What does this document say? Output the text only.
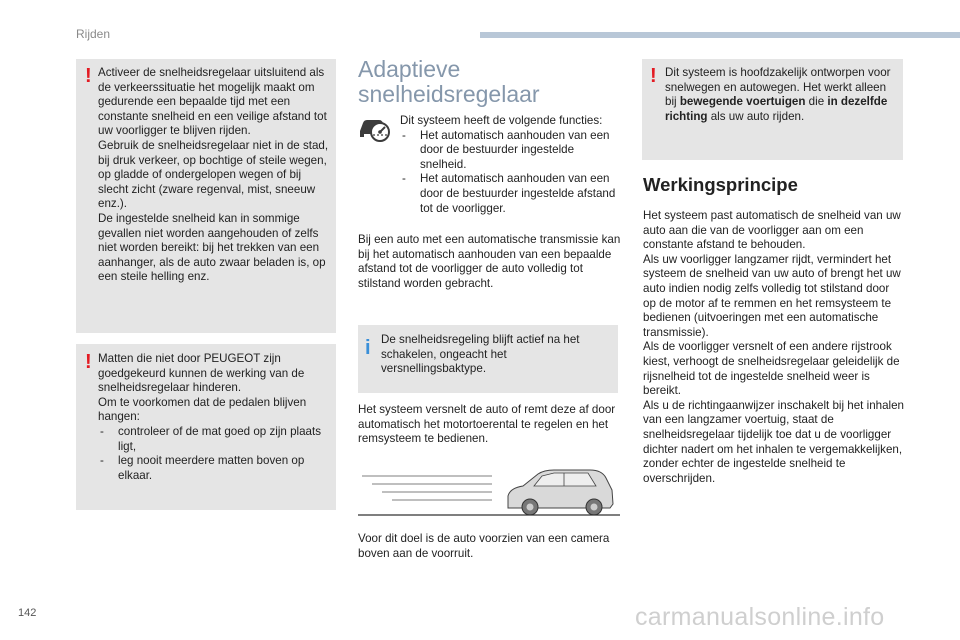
Rijden
! Activeer de snelheidsregelaar uitsluitend als de verkeerssituatie het mogelijk maakt om gedurende een bepaalde tijd met een constante snelheid en een veilige afstand tot uw voorligger te blijven rijden.

Gebruik de snelheidsregelaar niet in de stad, bij druk verkeer, op bochtige of steile wegen, op gladde of ondergelopen wegen of bij slecht zicht (zware regenval, mist, sneeuw enz.).

De ingestelde snelheid kan in sommige gevallen niet worden aangehouden of zelfs niet worden bereikt: bij het trekken van een aanhanger, als de auto zwaar beladen is, op een steile helling enz.

! Matten die niet door PEUGEOT zijn goedgekeurd kunnen de werking van de snelheidsregelaar hinderen.

Om te voorkomen dat de pedalen blijven hangen:

- controleer of de mat goed op zijn plaats ligt,
- leg nooit meerdere matten boven op elkaar.
Adaptieve snelheidsregelaar

Dit systeem heeft de volgende functies:

- Het automatisch aanhouden van een door de bestuurder ingestelde snelheid.
- Het automatisch aanhouden van een door de bestuurder ingestelde afstand tot de voorligger.

Bij een auto met een automatische transmissie kan bij het automatisch aanhouden van een bepaalde afstand tot de voorligger de auto volledig tot stilstand worden gebracht.

i De snelheidsregeling blijft actief na het schakelen, ongeacht het versnellingsbaktype.

Het systeem versnelt de auto of remt deze af door automatisch het motortoerental te regelen en het remsysteem te bedienen.

Voor dit doel is de auto voorzien van een camera boven aan de voorruit.

! Dit systeem is hoofdzakelijk ontworpen voor snelwegen en autowegen. Het werkt alleen bij bewegende voertuigen die in dezelfde richting als uw auto rijden.

Werkingsprincipe

Het systeem past automatisch de snelheid van uw auto aan die van de voorligger aan om een constante afstand te behouden.

Als uw voorligger langzamer rijdt, vermindert het systeem de snelheid van uw auto of brengt het uw auto indien nodig zelfs volledig tot stilstand door op de motor af te remmen en het remsysteem te bedienen (uitvoeringen met een automatische transmissie).

Als de voorligger versnelt of een andere rijstrook kiest, verhoogt de snelheidsregelaar geleidelijk de rijsnelheid tot de ingestelde snelheid weer is bereikt.

Als u de richtingaanwijzer inschakelt bij het inhalen van een langzamer voertuig, staat de snelheidsregelaar tijdelijk toe dat u de voorligger dichter nadert om het inhalen te vergemakkelijken, zonder echter de ingestelde snelheid te overschrijden.

142	carmanualsonline.info
